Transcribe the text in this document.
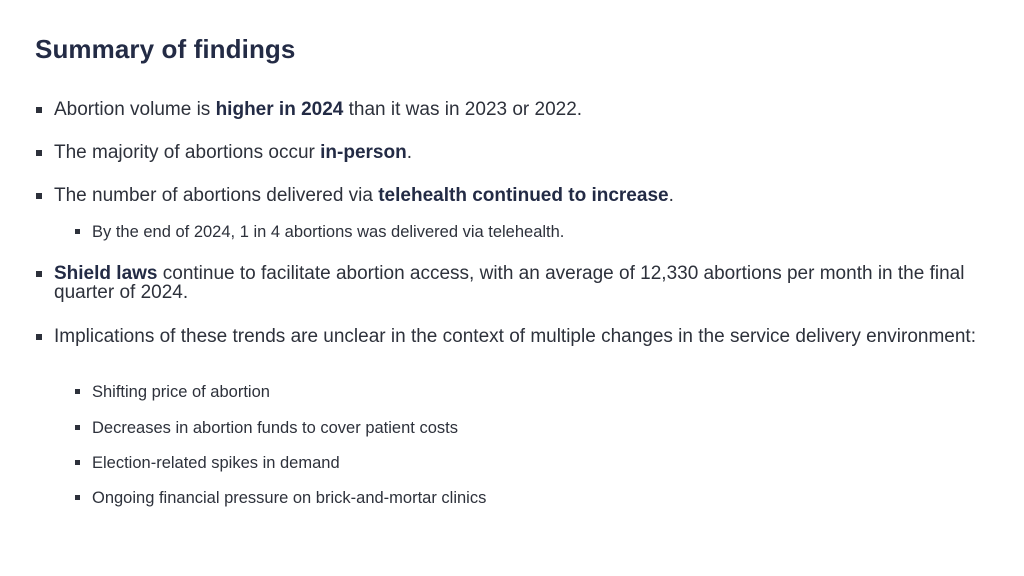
Summary of findings
Abortion volume is higher in 2024 than it was in 2023 or 2022.
The majority of abortions occur in-person.
The number of abortions delivered via telehealth continued to increase.
By the end of 2024, 1 in 4 abortions was delivered via telehealth.
Shield laws continue to facilitate abortion access, with an average of 12,330 abortions per month in the final quarter of 2024.
Implications of these trends are unclear in the context of multiple changes in the service delivery environment:
Shifting price of abortion
Decreases in abortion funds to cover patient costs
Election-related spikes in demand
Ongoing financial pressure on brick-and-mortar clinics
